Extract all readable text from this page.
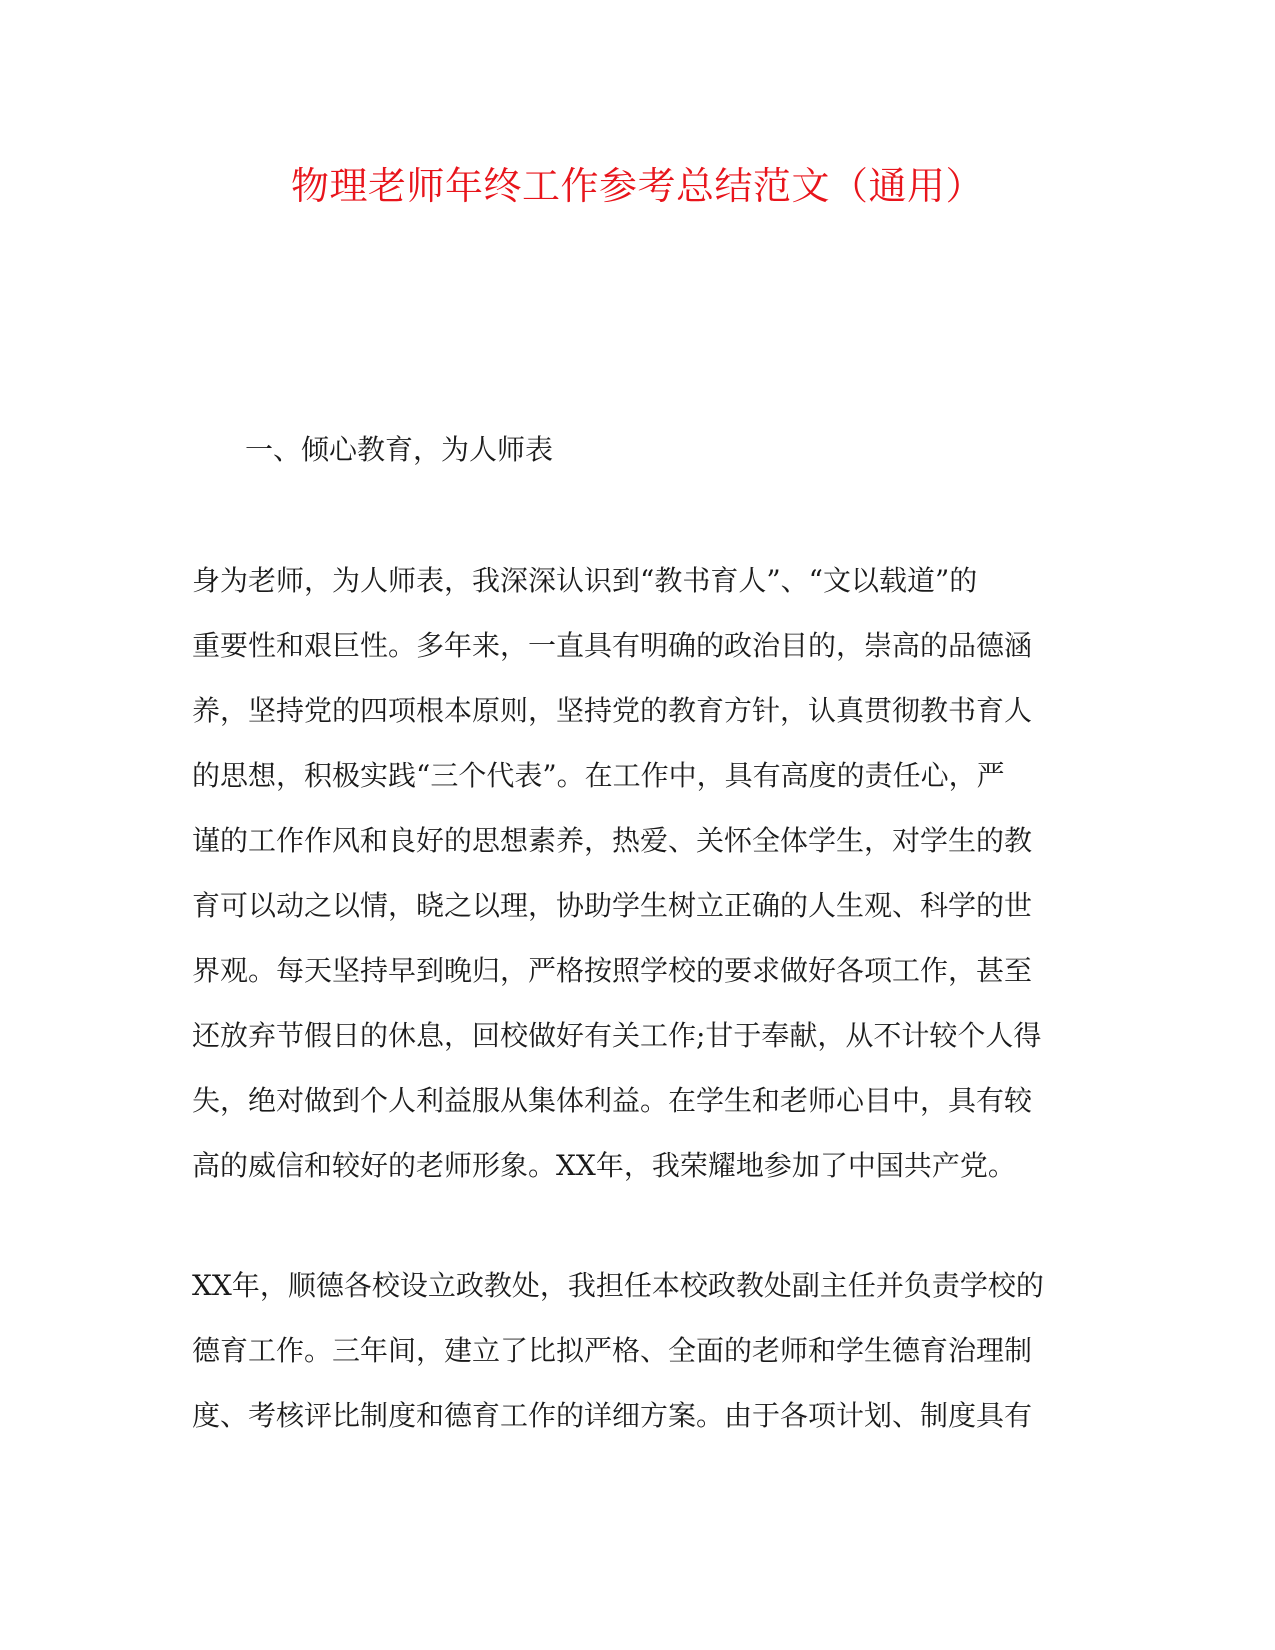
物理老师年终工作参考总结范文（通用）
一、倾心教育，为人师表

身为老师，为人师表，我深深认识到“教书育人”、“文以载道”的
重要性和艰巨性。多年来，一直具有明确的政治目的，崇高的品德涵
养，坚持党的四项根本原则，坚持党的教育方针，认真贯彻教书育人
的思想，积极实践“三个代表”。在工作中，具有高度的责任心，严
谨的工作作风和良好的思想素养，热爱、关怀全体学生，对学生的教
育可以动之以情，晓之以理，协助学生树立正确的人生观、科学的世
界观。每天坚持早到晚归，严格按照学校的要求做好各项工作，甚至
还放弃节假日的休息，回校做好有关工作;甘于奉献，从不计较个人得
失，绝对做到个人利益服从集体利益。在学生和老师心目中，具有较
高的威信和较好的老师形象。XX年，我荣耀地参加了中国共产党。

XX年，顺德各校设立政教处，我担任本校政教处副主任并负责学校的
德育工作。三年间，建立了比拟严格、全面的老师和学生德育治理制
度、考核评比制度和德育工作的详细方案。由于各项计划、制度具有
